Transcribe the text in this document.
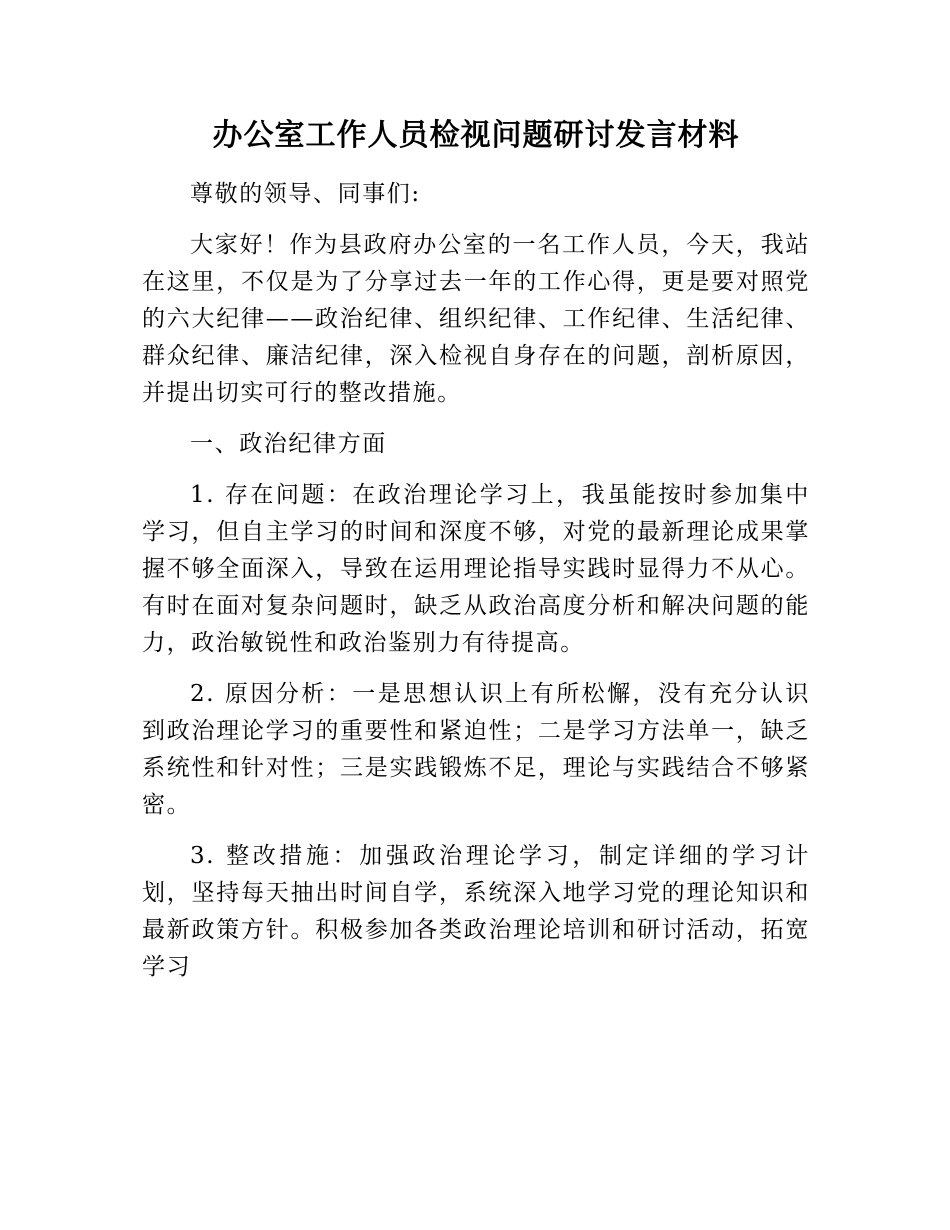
办公室工作人员检视问题研讨发言材料

尊敬的领导、同事们:

大家好！作为县政府办公室的一名工作人员，今天，我站在这里，不仅是为了分享过去一年的工作心得，更是要对照党的六大纪律——政治纪律、组织纪律、工作纪律、生活纪律、群众纪律、廉洁纪律，深入检视自身存在的问题，剖析原因，并提出切实可行的整改措施。

一、政治纪律方面

1. 存在问题：在政治理论学习上，我虽能按时参加集中学习，但自主学习的时间和深度不够，对党的最新理论成果掌握不够全面深入，导致在运用理论指导实践时显得力不从心。有时在面对复杂问题时，缺乏从政治高度分析和解决问题的能力，政治敏锐性和政治鉴别力有待提高。

2. 原因分析：一是思想认识上有所松懈，没有充分认识到政治理论学习的重要性和紧迫性；二是学习方法单一，缺乏系统性和针对性；三是实践锻炼不足，理论与实践结合不够紧密。

3. 整改措施：加强政治理论学习，制定详细的学习计划，坚持每天抽出时间自学，系统深入地学习党的理论知识和最新政策方针。积极参加各类政治理论培训和研讨活动，拓宽学习
